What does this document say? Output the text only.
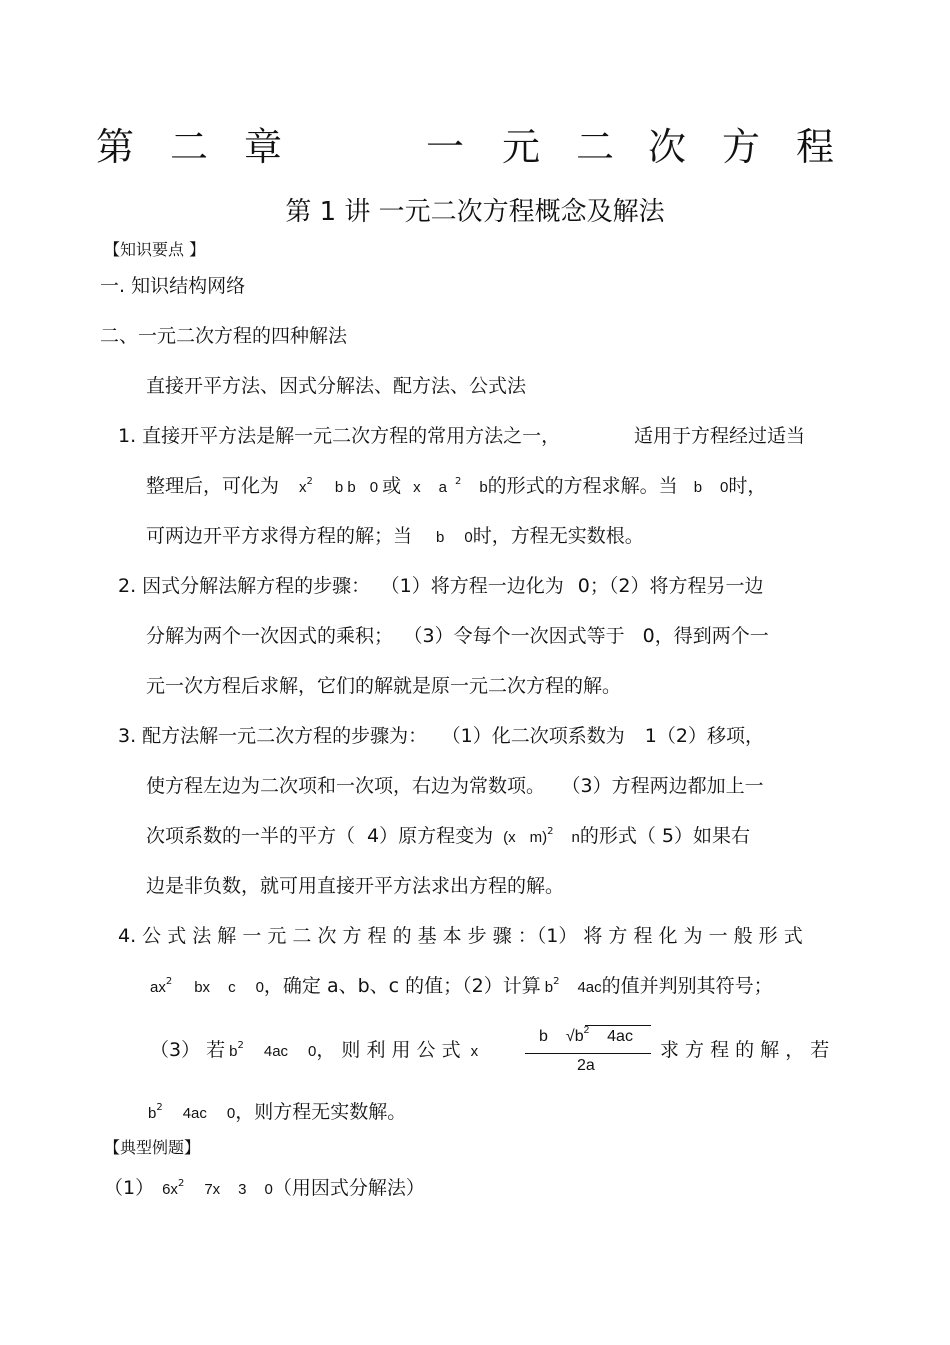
第 二 章	一 元 二 次 方 程
第 1 讲 一元二次方程概念及解法
【知识要点 】
一. 知识结构网络
二、一元二次方程的四种解法
直接开平方法、因式分解法、配方法、公式法
1. 直接开平方法是解一元二次方程的常用方法之一，	适用于方程经过适当
整理后，可化为 $x^2$ b b 0 或 x a $^2$ b的形式的方程求解。当 b 0时，
可两边开平方求得方程的解；当 b 0时，方程无实数根。
2. 因式分解法解方程的步骤： （1）将方程一边化为 0；（2）将方程另一边
分解为两个一次因式的乘积； （3）令每个一次因式等于 0，得到两个一
元一次方程后求解，它们的解就是原一元二次方程的解。
3. 配方法解一元二次方程的步骤为： （1）化二次项系数为 1（2）移项，
使方程左边为二次项和一次项，右边为常数项。 （3）方程两边都加上一
次项系数的一半的平方（ 4）原方程变为 (x m)$^2$ n的形式（ 5）如果右
边是非负数，就可用直接开平方法求出方程的解。
4. 公 式 法 解 一 元 二 次 方 程 的 基 本 步 骤 ：（1） 将 方 程 化 为 一 般 形 式
$ax^2$ bx c 0，确定 a、b、c 的值；（2）计算 $b^2$ 4ac的值并判别其符号；
（3） 若 $b^2$ 4ac 0， 则 利 用 公 式 x
b $√b^2$ 4ac
2a
求 方 程 的 解 ， 若
$b^2$ 4ac 0，则方程无实数解。
【典型例题】
（1） $6x^2$ 7x 3 0（用因式分解法）
